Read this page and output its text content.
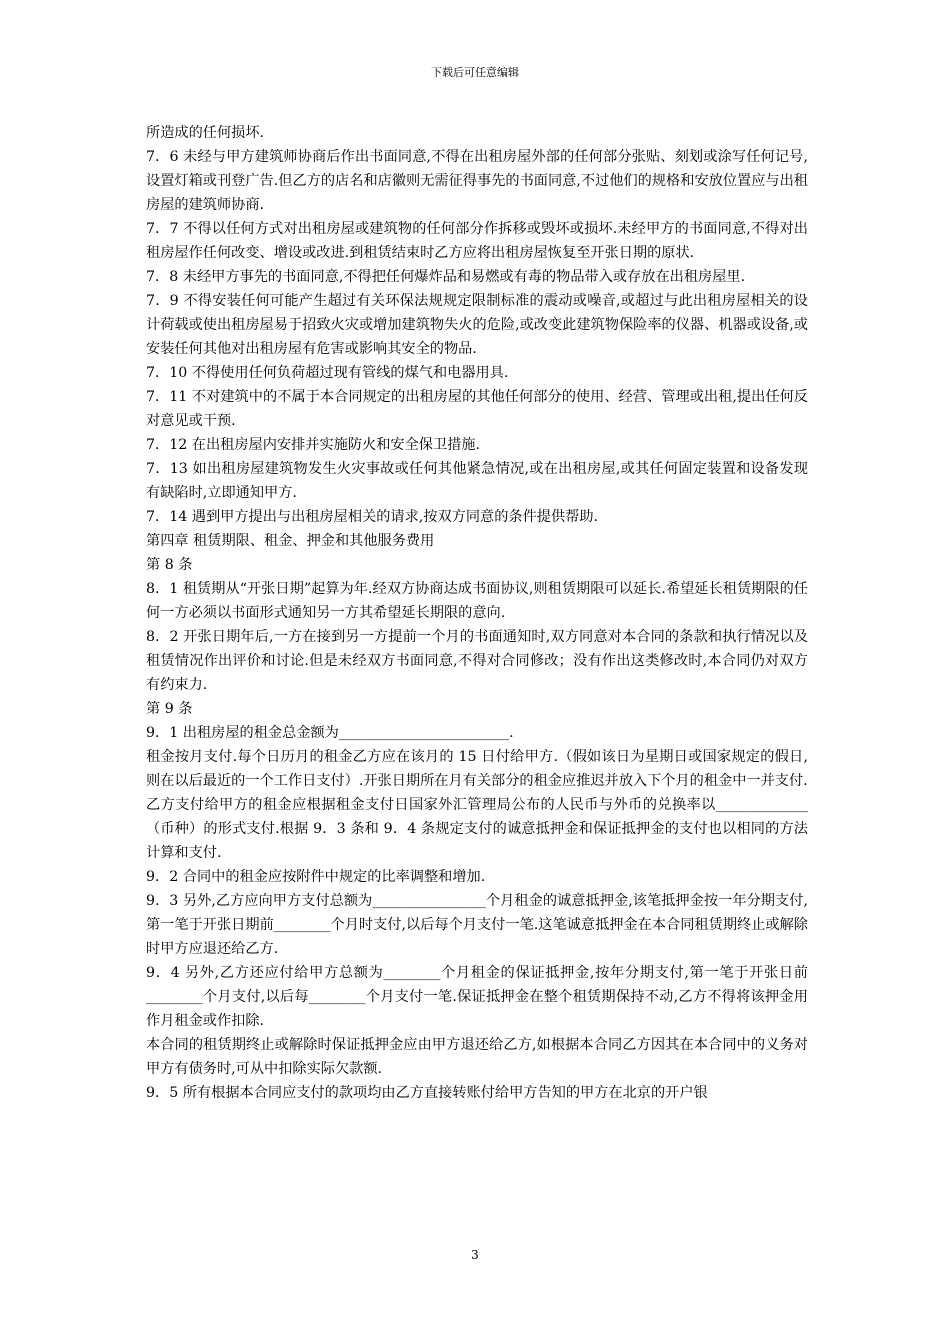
下载后可任意编辑

所造成的任何损坏.

7．6 未经与甲方建筑师协商后作出书面同意,不得在出租房屋外部的任何部分张贴、刻划或涂写任何记号,设置灯箱或刊登广告.但乙方的店名和店徽则无需征得事先的书面同意,不过他们的规格和安放位置应与出租房屋的建筑师协商.

7．7 不得以任何方式对出租房屋或建筑物的任何部分作拆移或毁坏或损坏.未经甲方的书面同意,不得对出租房屋作任何改变、增设或改进.到租赁结束时乙方应将出租房屋恢复至开张日期的原状.

7．8 未经甲方事先的书面同意,不得把任何爆炸品和易燃或有毒的物品带入或存放在出租房屋里.

7．9 不得安装任何可能产生超过有关环保法规规定限制标准的震动或噪音,或超过与此出租房屋相关的设计荷载或使出租房屋易于招致火灾或增加建筑物失火的危险,或改变此建筑物保险率的仪器、机器或设备,或安装任何其他对出租房屋有危害或影响其安全的物品.

7．10 不得使用任何负荷超过现有管线的煤气和电器用具.

7．11 不对建筑中的不属于本合同规定的出租房屋的其他任何部分的使用、经营、管理或出租,提出任何反对意见或干预.

7．12 在出租房屋内安排并实施防火和安全保卫措施.

7．13 如出租房屋建筑物发生火灾事故或任何其他紧急情况,或在出租房屋,或其任何固定装置和设备发现有缺陷时,立即通知甲方.

7．14 遇到甲方提出与出租房屋相关的请求,按双方同意的条件提供帮助.

第四章 租赁期限、租金、押金和其他服务费用

第 8 条

8．1 租赁期从“开张日期”起算为年.经双方协商达成书面协议,则租赁期限可以延长.希望延长租赁期限的任何一方必须以书面形式通知另一方其希望延长期限的意向.

8．2 开张日期年后,一方在接到另一方提前一个月的书面通知时,双方同意对本合同的条款和执行情况以及租赁情况作出评价和讨论.但是未经双方书面同意,不得对合同修改；没有作出这类修改时,本合同仍对双方有约束力.

第 9 条

9．1 出租房屋的租金总金额为________________________.

租金按月支付.每个日历月的租金乙方应在该月的 15 日付给甲方.（假如该日为星期日或国家规定的假日,则在以后最近的一个工作日支付）.开张日期所在月有关部分的租金应推迟并放入下个月的租金中一并支付.

乙方支付给甲方的租金应根据租金支付日国家外汇管理局公布的人民币与外币的兑换率以_____________（币种）的形式支付.根据 9．3 条和 9．4 条规定支付的诚意抵押金和保证抵押金的支付也以相同的方法计算和支付.

9．2 合同中的租金应按附件中规定的比率调整和增加.

9．3 另外,乙方应向甲方支付总额为________________个月租金的诚意抵押金,该笔抵押金按一年分期支付,第一笔于开张日期前________个月时支付,以后每个月支付一笔.这笔诚意抵押金在本合同租赁期终止或解除时甲方应退还给乙方.

9．4 另外,乙方还应付给甲方总额为________个月租金的保证抵押金,按年分期支付,第一笔于开张日前________个月支付,以后每________个月支付一笔.保证抵押金在整个租赁期保持不动,乙方不得将该押金用作月租金或作扣除.

本合同的租赁期终止或解除时保证抵押金应由甲方退还给乙方,如根据本合同乙方因其在本合同中的义务对甲方有债务时,可从中扣除实际欠款额.

9．5 所有根据本合同应支付的款项均由乙方直接转账付给甲方告知的甲方在北京的开户银

3
